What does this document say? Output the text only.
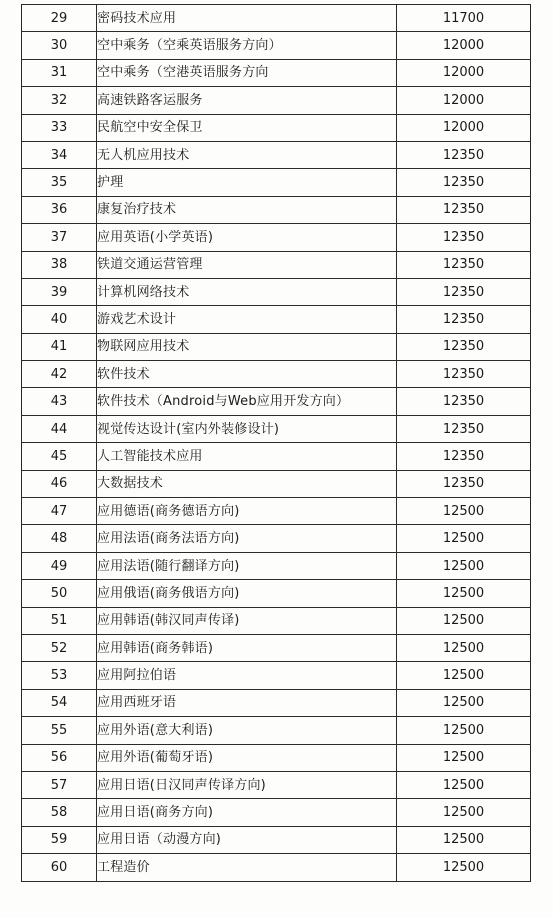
29	密码技术应用	11700
30	空中乘务（空乘英语服务方向）	12000
31	空中乘务（空港英语服务方向	12000
32	高速铁路客运服务	12000
33	民航空中安全保卫	12000
34	无人机应用技术	12350
35	护理	12350
36	康复治疗技术	12350
37	应用英语(小学英语)	12350
38	铁道交通运营管理	12350
39	计算机网络技术	12350
40	游戏艺术设计	12350
41	物联网应用技术	12350
42	软件技术	12350
43	软件技术（Android与Web应用开发方向）	12350
44	视觉传达设计(室内外装修设计)	12350
45	人工智能技术应用	12350
46	大数据技术	12350
47	应用德语(商务德语方向)	12500
48	应用法语(商务法语方向)	12500
49	应用法语(随行翻译方向)	12500
50	应用俄语(商务俄语方向)	12500
51	应用韩语(韩汉同声传译)	12500
52	应用韩语(商务韩语)	12500
53	应用阿拉伯语	12500
54	应用西班牙语	12500
55	应用外语(意大利语)	12500
56	应用外语(葡萄牙语)	12500
57	应用日语(日汉同声传译方向)	12500
58	应用日语(商务方向)	12500
59	应用日语（动漫方向)	12500
60	工程造价	12500
